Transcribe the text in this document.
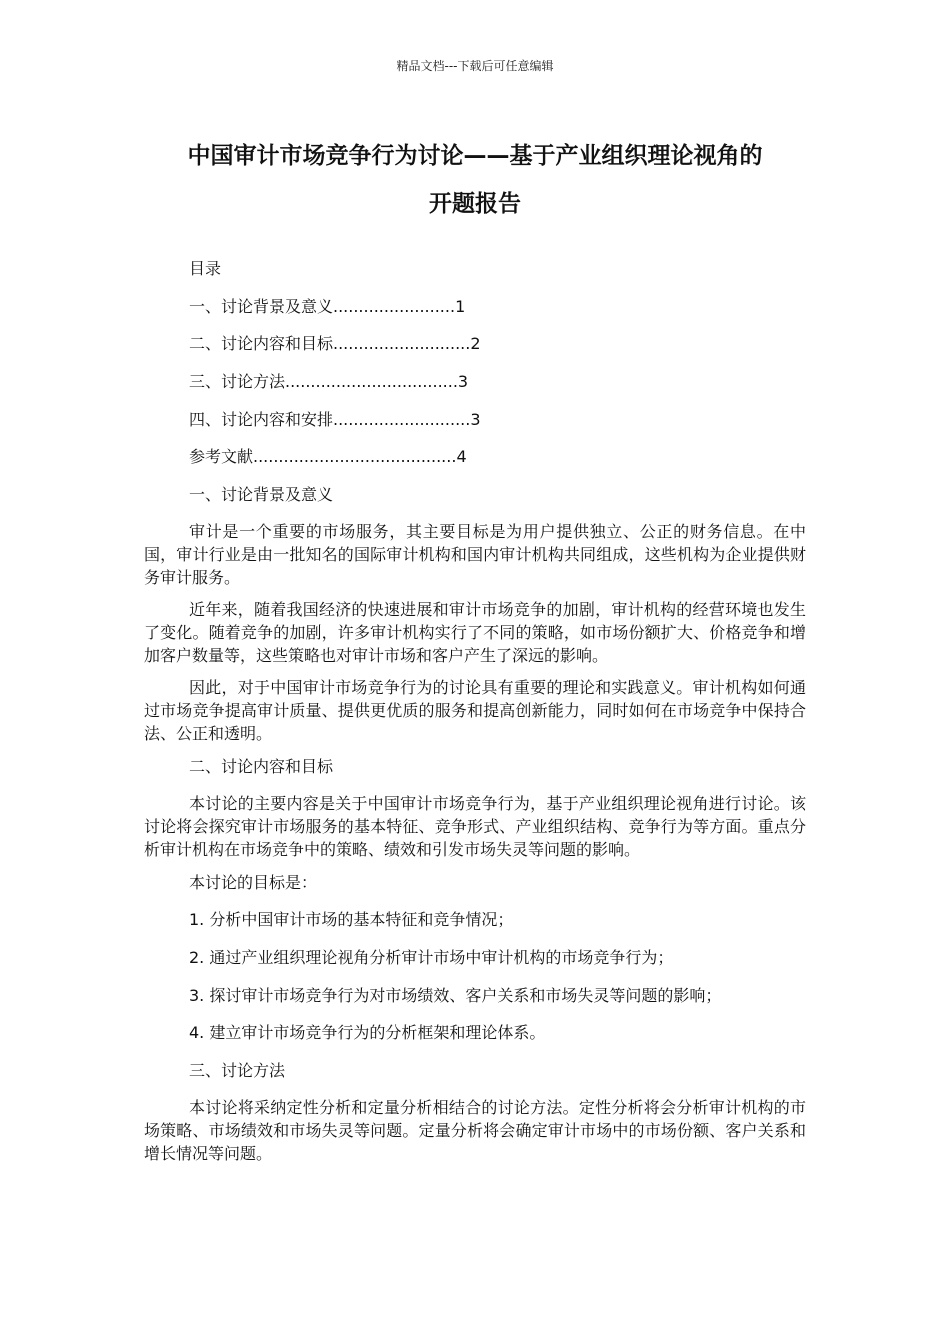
精品文档---下载后可任意编辑
中国审计市场竞争行为讨论——基于产业组织理论视角的
开题报告
目录
一、讨论背景及意义........................1
二、讨论内容和目标...........................2
三、讨论方法..................................3
四、讨论内容和安排...........................3
参考文献........................................4
一、讨论背景及意义

审计是一个重要的市场服务，其主要目标是为用户提供独立、公正的财务信息。在中国，审计行业是由一批知名的国际审计机构和国内审计机构共同组成，这些机构为企业提供财务审计服务。

近年来，随着我国经济的快速进展和审计市场竞争的加剧，审计机构的经营环境也发生了变化。随着竞争的加剧，许多审计机构实行了不同的策略，如市场份额扩大、价格竞争和增加客户数量等，这些策略也对审计市场和客户产生了深远的影响。

因此，对于中国审计市场竞争行为的讨论具有重要的理论和实践意义。审计机构如何通过市场竞争提高审计质量、提供更优质的服务和提高创新能力，同时如何在市场竞争中保持合法、公正和透明。

二、讨论内容和目标

本讨论的主要内容是关于中国审计市场竞争行为，基于产业组织理论视角进行讨论。该讨论将会探究审计市场服务的基本特征、竞争形式、产业组织结构、竞争行为等方面。重点分析审计机构在市场竞争中的策略、绩效和引发市场失灵等问题的影响。

本讨论的目标是：
1. 分析中国审计市场的基本特征和竞争情况；
2. 通过产业组织理论视角分析审计市场中审计机构的市场竞争行为；
3. 探讨审计市场竞争行为对市场绩效、客户关系和市场失灵等问题的影响；
4. 建立审计市场竞争行为的分析框架和理论体系。
三、讨论方法

本讨论将采纳定性分析和定量分析相结合的讨论方法。定性分析将会分析审计机构的市场策略、市场绩效和市场失灵等问题。定量分析将会确定审计市场中的市场份额、客户关系和增长情况等问题。
